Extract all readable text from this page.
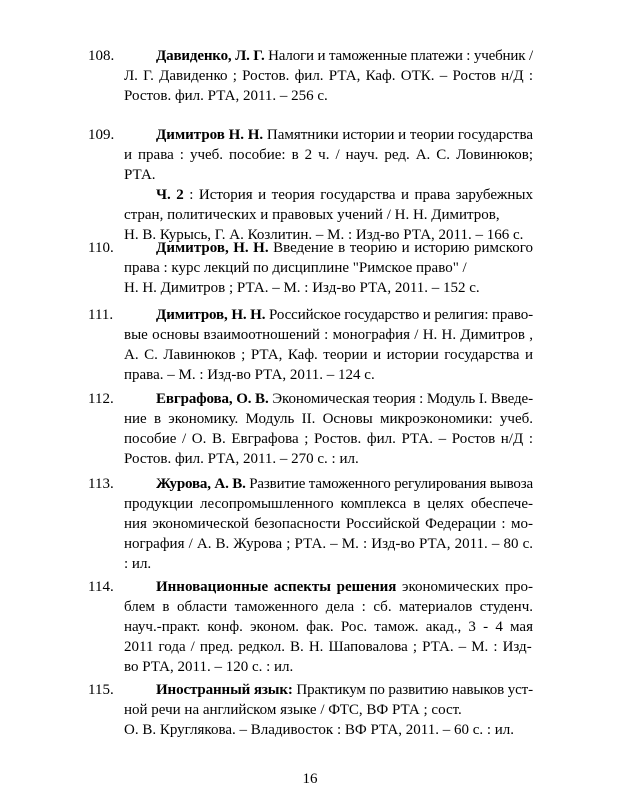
108.	Давиденко, Л. Г. Налоги и таможенные платежи : учебник /
Л. Г. Давиденко ; Ростов. фил. РТА, Каф. ОТК. – Ростов н/Д :
Ростов. фил. РТА, 2011. – 256 с.
109.	Димитров Н. Н. Памятники истории и теории государства
и права : учеб. пособие: в 2 ч. / науч. ред. А. С. Ловинюков;
РТА.
Ч. 2 : История и теория государства и права зарубежных
стран, политических и правовых учений / Н. Н. Димитров,
Н. В. Курысь, Г. А. Козлитин. – М. : Изд-во РТА, 2011. – 166 с.
110.	Димитров, Н. Н. Введение в теорию и историю римского
права : курс лекций по дисциплине "Римское право" /
Н. Н. Димитров ; РТА. – М. : Изд-во РТА, 2011. – 152 с.
111.	Димитров, Н. Н. Российское государство и религия: право-
вые основы взаимоотношений : монография / Н. Н. Димитров ,
А. С. Лавинюков ; РТА, Каф. теории и истории государства и
права. – М. : Изд-во РТА, 2011. – 124 с.
112.	Евграфова, О. В. Экономическая теория : Модуль I. Введе-
ние в экономику. Модуль II. Основы микроэкономики: учеб.
пособие / О. В. Евграфова ; Ростов. фил. РТА. – Ростов н/Д :
Ростов. фил. РТА, 2011. – 270 с. : ил.
113.	Журова, А. В. Развитие таможенного регулирования вывоза
продукции лесопромышленного комплекса в целях обеспече-
ния экономической безопасности Российской Федерации : мо-
нография / А. В. Журова ; РТА. – М. : Изд-во РТА, 2011. – 80 с.
: ил.
114.	Инновационные аспекты решения экономических про-
блем в области таможенного дела : сб. материалов студенч.
науч.-практ. конф. эконом. фак. Рос. тамож. акад., 3 - 4 мая
2011 года / пред. редкол. В. Н. Шаповалова ; РТА. – М. : Изд-
во РТА, 2011. – 120 с. : ил.
115.	Иностранный язык: Практикум по развитию навыков уст-
ной речи на английском языке / ФТС, ВФ РТА ; сост.
О. В. Круглякова. – Владивосток : ВФ РТА, 2011. – 60 с. : ил.
16
